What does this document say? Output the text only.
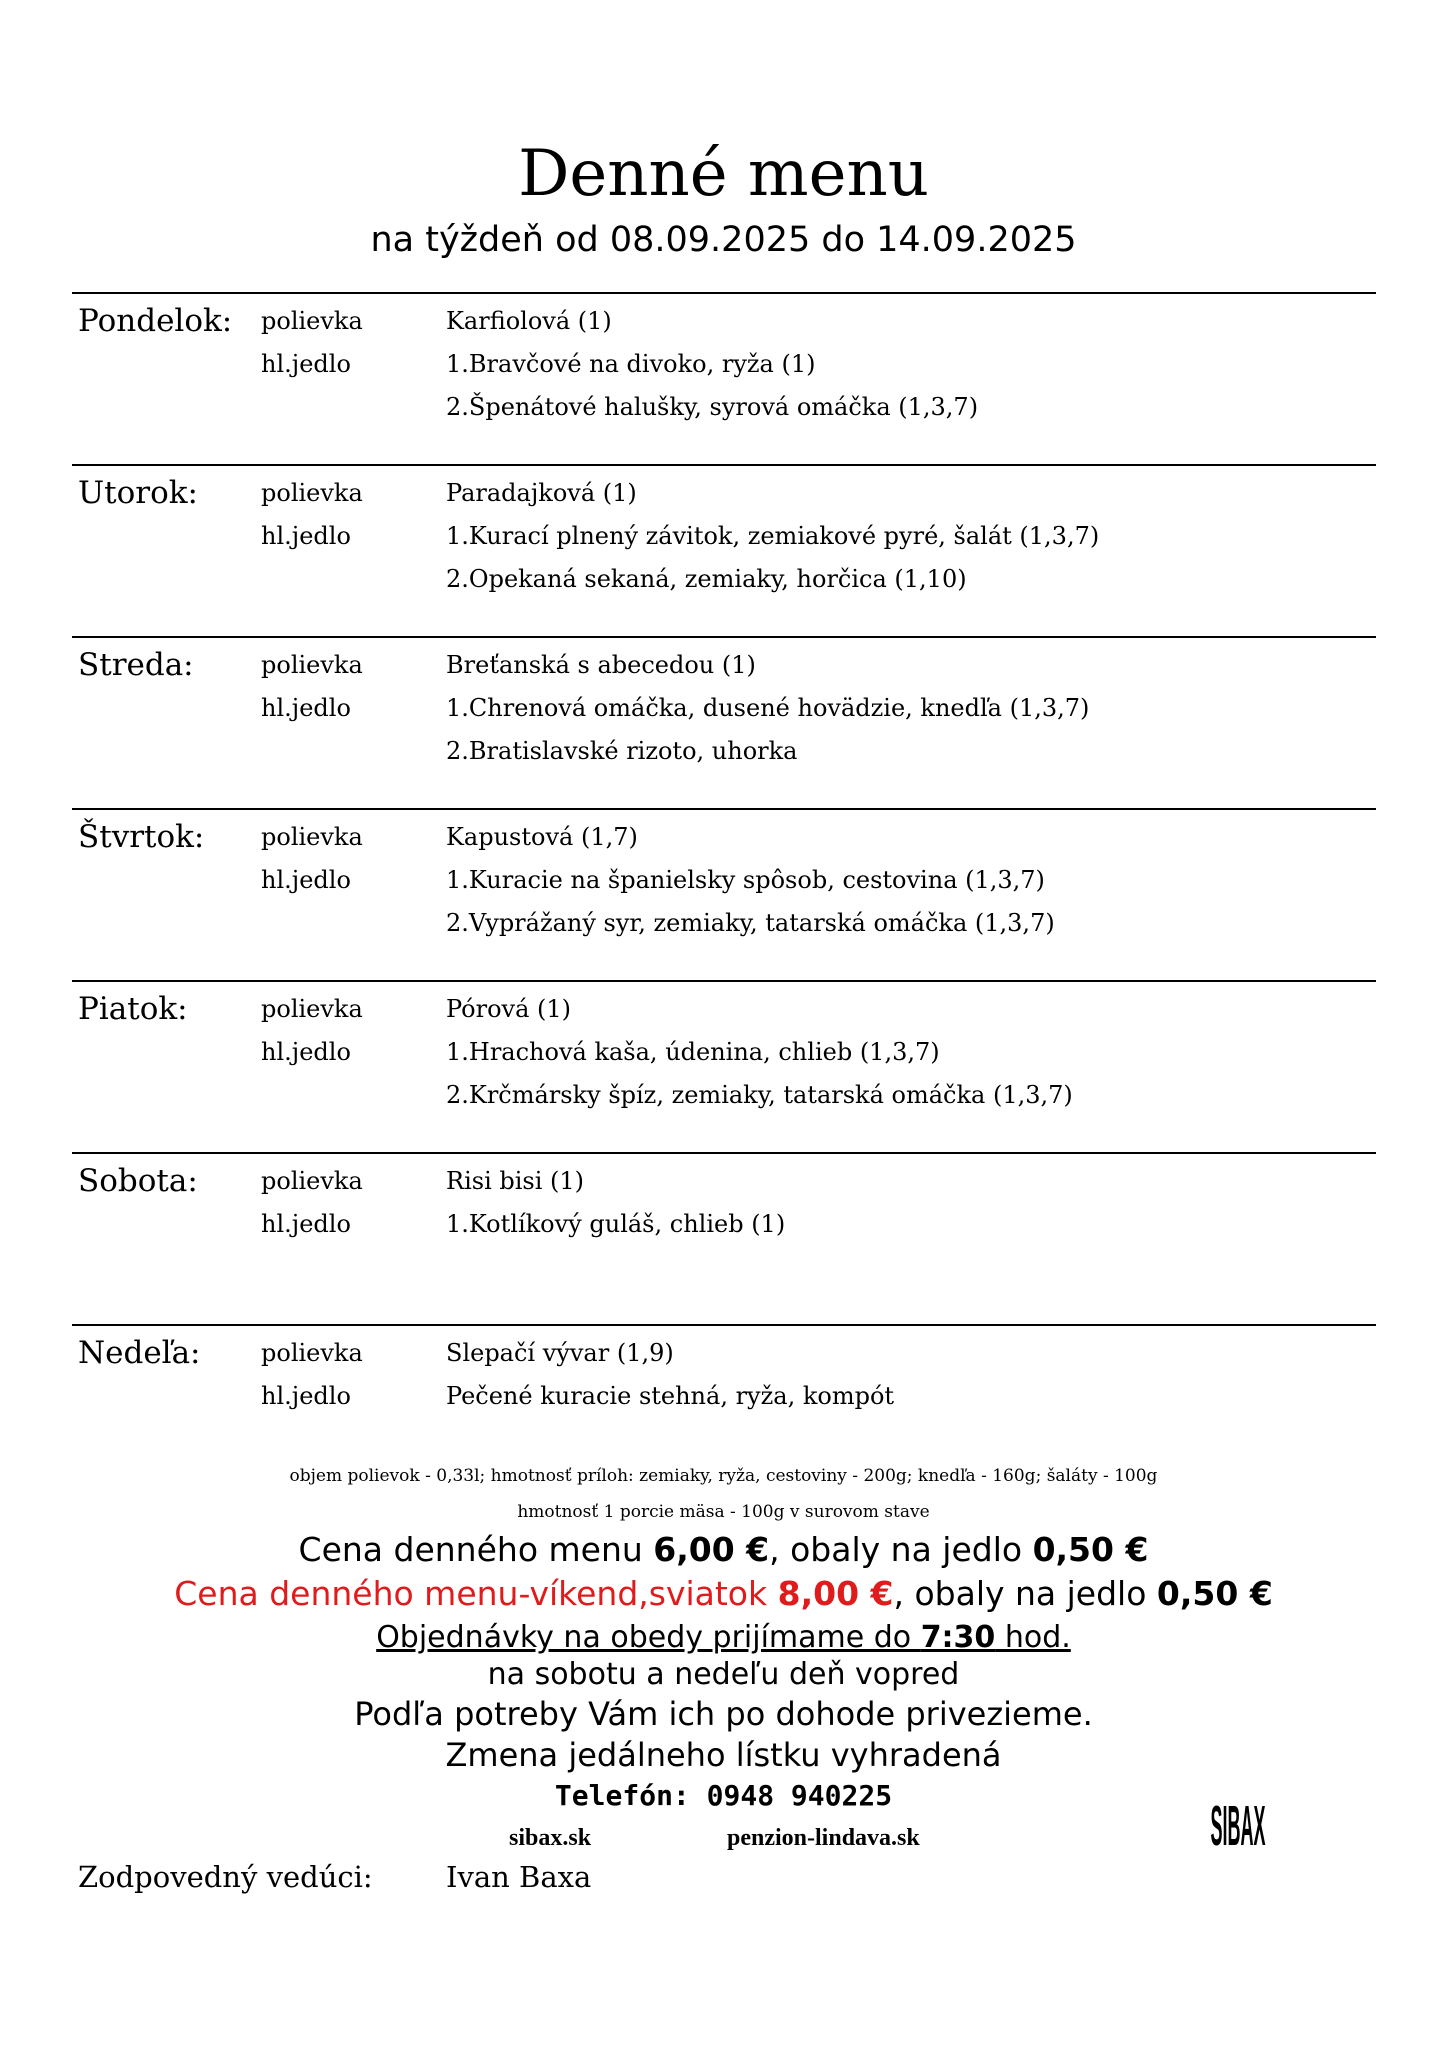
Denné menu
na týždeň od 08.09.2025 do 14.09.2025
Pondelok: polievka	Karfiolová (1)
hl.jedlo	1.Bravčové na divoko, ryža (1)
2.Špenátové halušky, syrová omáčka (1,3,7)
Utorok:	polievka	Paradajková (1)
hl.jedlo	1.Kurací plnený závitok, zemiakové pyré, šalát (1,3,7)
2.Opekaná sekaná, zemiaky, horčica (1,10)
Streda:	polievka	Breťanská s abecedou (1)
hl.jedlo	1.Chrenová omáčka, dusené hovädzie, knedľa (1,3,7)
2.Bratislavské rizoto, uhorka
Štvrtok: polievka	Kapustová (1,7)
hl.jedlo	1.Kuracie na španielsky spôsob, cestovina (1,3,7)
2.Vyprážaný syr, zemiaky, tatarská omáčka (1,3,7)
Piatok:	polievka	Pórová (1)
hl.jedlo	1.Hrachová kaša, údenina, chlieb (1,3,7)
2.Krčmársky špíz, zemiaky, tatarská omáčka (1,3,7)
Sobota:	polievka	Risi bisi (1)
hl.jedlo	1.Kotlíkový guláš, chlieb (1)
Nedeľa:	polievka	Slepačí vývar (1,9)
hl.jedlo	Pečené kuracie stehná, ryža, kompót
objem polievok - 0,33l; hmotnosť príloh: zemiaky, ryža, cestoviny - 200g; knedľa - 160g; šaláty - 100g
hmotnosť 1 porcie mäsa - 100g v surovom stave
Cena denného menu 6,00 €, obaly na jedlo 0,50 €
Cena denného menu-víkend,sviatok 8,00 €, obaly na jedlo 0,50 €
Objednávky na obedy prijímame do 7:30 hod.
na sobotu a nedeľu deň vopred
Podľa potreby Vám ich po dohode privezieme.
Zmena jedálneho lístku vyhradená
Telefón: 0948 940225
sibax.sk	penzion-lindava.sk
Zodpovedný vedúci:	Ivan Baxa
SIBAX
